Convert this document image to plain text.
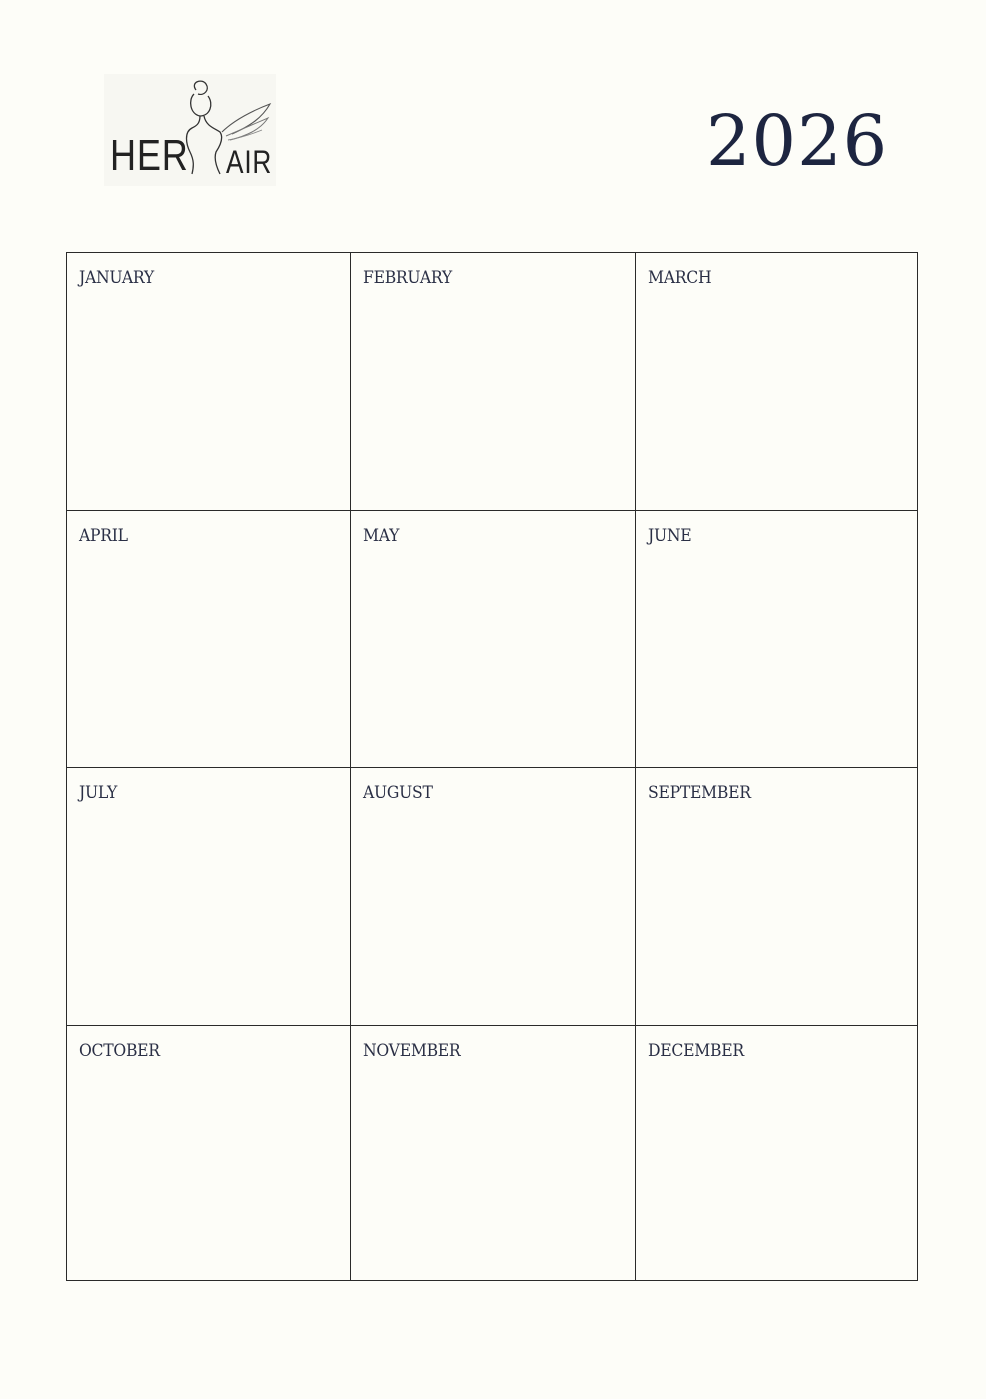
HER AIR	2026
JANUARY	FEBRUARY	MARCH
APRIL	MAY	JUNE
JULY	AUGUST	SEPTEMBER
OCTOBER	NOVEMBER	DECEMBER
